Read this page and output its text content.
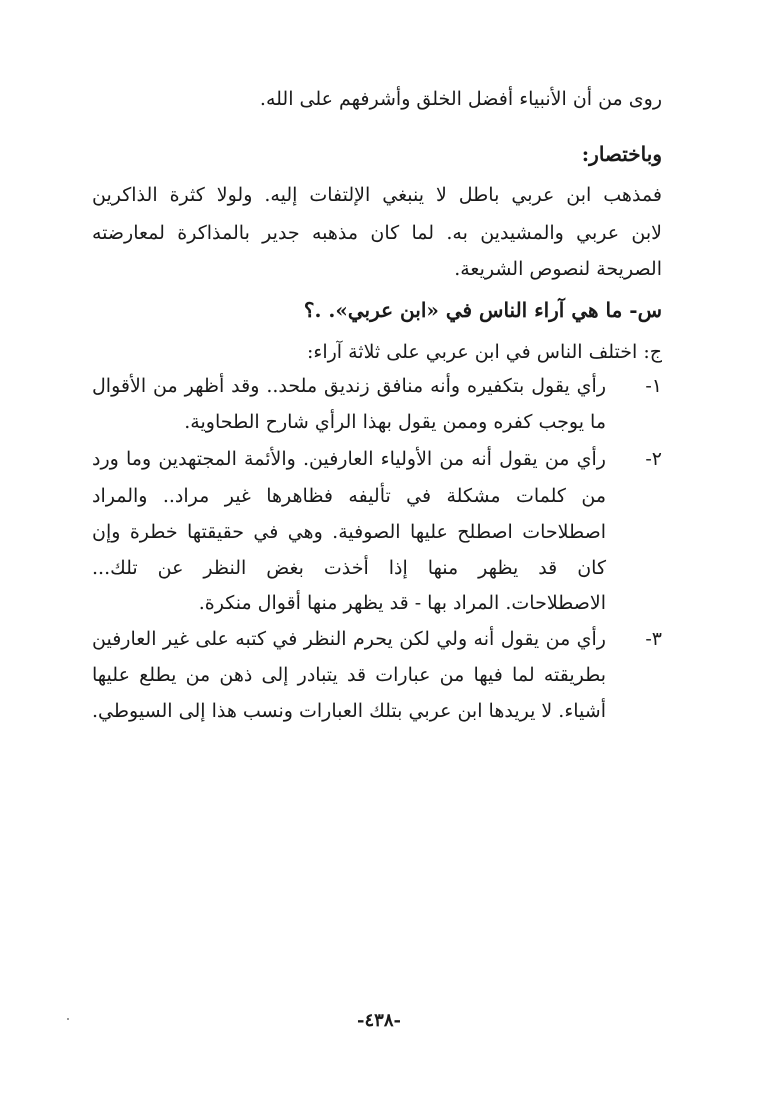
روى من أن الأنبياء أفضل الخلق وأشرفهم على الله.
وباختصار:
فمذهب ابن عربي باطل لا ينبغي الإلتفات إليه. ولولا كثرة الذاكرين
لابن عربي والمشيدين به. لما كان مذهبه جدير بالمذاكرة لمعارضته
الصريحة لنصوص الشريعة.
س- ما هي آراء الناس في «ابن عربي». .؟
ج: اختلف الناس في ابن عربي على ثلاثة آراء:
١-
رأي يقول بتكفيره وأنه منافق زنديق ملحد.. وقد أظهر من الأقوال
ما يوجب كفره وممن يقول بهذا الرأي شارح الطحاوية.
٢-
رأي من يقول أنه من الأولياء العارفين. والأئمة المجتهدين وما ورد
من كلمات مشكلة في تأليفه فظاهرها غير مراد.. والمراد
اصطلاحات اصطلح عليها الصوفية. وهي في حقيقتها خطرة وإن
كان قد يظهر منها إذا أخذت بغض النظر عن تلك...
الاصطلاحات. المراد بها - قد يظهر منها أقوال منكرة.
٣-
رأي من يقول أنه ولي لكن يحرم النظر في كتبه على غير العارفين
بطريقته لما فيها من عبارات قد يتبادر إلى ذهن من يطلع عليها
أشياء. لا يريدها ابن عربي بتلك العبارات ونسب هذا إلى السيوطي.
-٤٣٨-
